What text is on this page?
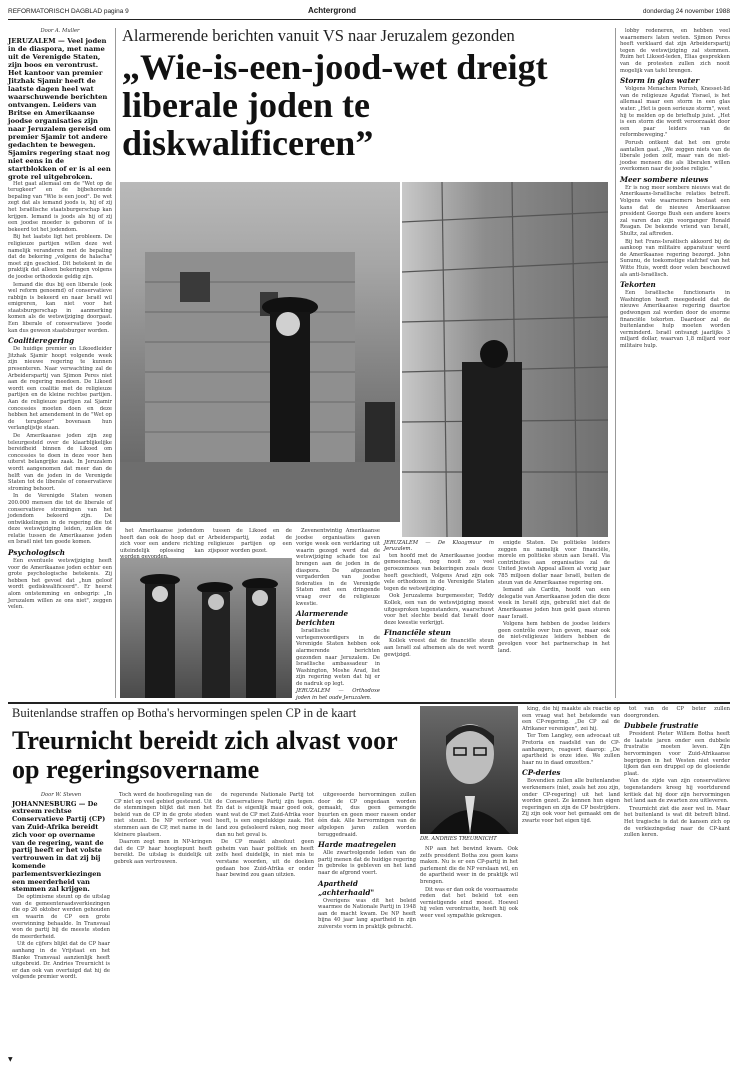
REFORMATORISCH DAGBLAD pagina 9	Achtergrond	donderdag 24 november 1988
Door A. Muller
JERUZALEM — Veel joden in de diaspora, met name uit de Verenigde Staten, zijn boos en verontrust. Het kantoor van premier Jitzhak Sjamir heeft de laatste dagen heel wat waarschuwende berichten ontvangen. Leiders van Britse en Amerikaanse joodse organisaties zijn naar Jeruzalem gereisd om premier Sjamir tot andere gedachten te bewegen. Sjamirs regering staat nog niet eens in de startblokken of er is al een grote rel uitgebroken.

Het gaat allemaal om de "Wet op de terugkeer" en de bijbehorende bepaling van "Wie is een jood". De wet zegt dat als iemand joods is, hij of zij het Israëlische staatsburgerschap kan krijgen. Iemand is joods als hij of zij een joodse moeder is geboren of is bekeerd tot het jodendom.

Bij het laatste ligt het probleem. De religieuze partijen willen deze wet namelijk veranderen met de bepaling dat de bekering „volgens de halacha" moet zijn geschied. Dit betekent in de praktijk dat alleen bekeringen volgens de joodse orthodoxie geldig zijn.

Iemand die dus bij een liberale (ook wel reform genoemd) of conservatieve rabbijn is bekeerd en naar Israël wil emigreren, kan niet voor het staatsburgerschap in aanmerking komen als de wetswijziging doorgaat. Een liberale of conservatieve 'joode kan dus geweon staatsburger worden.

Coalitieregering

De huidige premier en Likoedleider Jitzhak Sjamir hoopt volgende week zijn nieuwe regering te kunnen presenteren. Naar verwachting zal de Arbeiderspartij van Sjimon Peres niet aan de regering meedoen. De Likoed wordt een coalitie met de religieuze partijen en de kleine rechtse partijen. Aan de religieuze partijen zal Sjamir concessies moeten doen en deze hebben het amendement in de "Wet op de terugkeer" bovenaan hun verlanglijstje staan.

De Amerikaanse joden zijn zeg teleurgesteld over de klaarblijkelijke bereidheid binnen de Likoed om concessies te doen in deze voor hen uiterst belangrijke zaak. In Jeruzalem wordt aangenomen dat meer dan de helft van de joden in de Verenigde Staten tot de liberale of conservatieve stroming behoort.

In de Verenigde Staten wonen 200.000 mensen die tot de liberale of conservatieve stromingen van het jodendom bekeerd zijn. De ontwikkelingen in de regering die tot deze wetswijziging leiden, zullen de relatie tussen de Amerikaanse joden en Israël niet ten goede komen.

Psychologisch

Een eventuele wetswijziging heeft voor de Amerikaanse joden echter een grote psychologische betekenis. Zij hebben het gevoel dat „hun geloof wordt gediskwalificeerd". Er heerst alom ontstemming en onbegrip: „In Jeruzalem willen ze ons niet", zeggen velen.

Alarmerende berichten vanuit VS naar Jeruzalem gezonden
„Wie-is-een-jood-wet dreigt liberale joden te diskwalificeren”

lobby redeneren, en hebben veel waarnemers laten weten. Sjimon Peres heeft verklaard dat zijn Arbeiderspartij tegen de wetswijziging zal stemmen. Ruim het Likoed-leden, Elias gesprekken van de protesten zullen zich nooit mogelijk van tafel brengen.

Storm in glas water

Volgens Menachem Porush, Knesset-lid van de religieuze Agudat Yisrael, is het allemaal maar een storm in een glas water. „Het is geen serieuze storm", weet hij te melden op de briefhulp juist. „Het is een storm die wordt veroorzaakt door een paar leiders van de reformbeweging."

Porush ontkent dat het om grote aantallen gaat. „We zeggen niets van de liberale joden zelf, maar van de niet-joodse mensen die als liberalen willen overkomen naar de joodse religie."

Meer sombere nieuws

Er is nog meer sombere nieuws wat de Amerikaans-Israëlische relaties betreft. Volgens vele waarnemers bestaat een kans dat de nieuwe Amerikaanse president George Bush een andere koers zal varen dan zijn voorganger Ronald Reagan. De bekende vriend van Israël, Shultz, zal aftreden.

Bij het Frans-Israëlisch akkoord bij de aankoop van militaire apparatuur werd de Amerikaanse regering bezorgd. John Sununu, de toekomstige stafchef van het Witte Huis, wordt door velen beschouwd als anti-Israëlisch.

Tekorten

Een Israëlische functionaris in Washington heeft meegedeeld dat de nieuwe Amerikaanse regering daartoe gedwongen zal worden door de enorme financiële tekorten. Daardoor zal de buitenlandse hulp moeten worden verminderd. Israël ontvangt jaarlijks 3 miljard dollar, waarvan 1,8 miljard voor militaire hulp.

het Amerikaanse jodendom heeft dan ook de hoop dat er zich voor een andere richting uiteindelijk oplossing kan

tussen de Likoed en de Arbeiderspartij, zodat de religieuze partijen op een zijspoor worden gezet.

Zevenentwintig Amerikaanse joodse organisaties gaven vorige week een verklaring uit waarin gezegd werd dat de wetswijziging schade toe zal brengen aan de joden in de diaspora. De afgezanten vergaderden van joodse federaties in de Verenigde Staten met een dringende vraag over de religieuze kwestie.

Alarmerende berichten

Israëlische vertegenwoordigers in de Verenigde Staten hebben ook alarmerende berichten gezonden naar Jeruzalem. De Israëlische ambassadeur in Washington, Moshe Arad, liet zijn regering weten dat hij er de nadruk op legt.

JERUZALEM — Orthodoxe joden in het oude Jeruzalem.
JERUZALEM — De Klaagmuur in Jeruzalem.

ten hoofd met de Amerikaanse joodse gemeenschap, nog nooit zo veel geroezemoes van bekeringen zoals deze heeft geschiedt, Volgens Arad zijn ook vele orthodoxen in de Verenigde Staten tegen de wetswijziging.

Ook Jeruzalems burgemeester, Teddy Kollek, een van de wetswijziging meest uitgesproken tegenstanders, waarschuwt voor het slechte beeld dat Israël door deze kwestie verkrijgt.

Financiële steun

Kollek vreest dat de financiële steun aan Israël zal afnemen als de wet wordt gewijzigd.

enigde Staten. De politieke leiders zeggen nu namelijk voor financiële, morele en politieke steun aan Israël. Via contributies aan organisaties zal de United Jewish Appeal alleen al vorig jaar 785 miljoen dollar naar Israël, buiten de steun van de Amerikaanse regering om.

Iemand als Cardin, hoofd van een delegatie van Amerikaanse joden die deze week in Israël zijn, gebruikt niet dat de Amerikaanse joden hun geld gaan sturen naar Israël.

Volgens hem hebben de joodse leiders geen contrôle over hun geven, maar ook de niet-religieuze leiders hebben de gevolgen voor het partnerschap in het land.

Buitenlandse straffen op Botha's hervormingen spelen CP in de kaart
Treurnicht bereidt zich alvast voor op regeringsovername
Door W. Steven
JOHANNESBURG — De extreem rechtse Conservatieve Partij (CP) van Zuid-Afrika bereidt zich voor op overname van de regering, want de partij heeft er het volste vertrouwen in dat zij bij komende parlementsverkiezingen een meerderheid van stemmen zal krijgen.

De optimisme steunt op de uitslag van de gemeenteraadsverkiezingen die op 26 oktober werden gehouden en waarin de CP een grote overwinning behaalde. In Transvaal won de partij bij de meeste steden de meerderheid.

Uit de cijfers blijkt dat de CP haar aanhang in de Vrijstaat en het Blanke Transvaal aanzienlijk heeft uitgebreid. Dr. Andries Treurnicht is er dan ook van overtuigd dat hij de volgende premier wordt.

Toch werd de hoofsregeling van de CP niet op veel gebied gesteund. Uit de stemmingen blijkt dat men het beleid van de CP in de grote steden niet steunt. De NP verloor veel stemmen aan de CP, met name in de kleinere plaatsen.

Daarom zegt men in NP-kringen dat de CP haar hoogtepunt heeft bereikt. De uitslag is duidelijk uit gebrek aan vertrouwen.

de regerende Nationale Partij tot de Conservatieve Partij zijn tegen. En dat is eigenlijk maar goed ook, want wat de CP met Zuid-Afrika voor heeft, is een ongelukkige zaak. Het land zou geïsoleerd raken, nog meer dan nu het geval is.

De CP maakt absoluut geen geheim van haar politiek en heeft zelfs heel duidelijk, in niet mis te verstane woorden, uit de doeken gedaan hoe Zuid-Afrika er onder haar bewind zou gaan uitzien.

uitgevoerde hervormingen zullen door de CP ongedaan worden gemaakt, dus geen gemengde buurten en geen meer rassen onder één dak. Alle hervormingen van de afgelopen jaren zullen worden teruggedraaid.

Harde maatregelen

Alle zwartvolgende leden van de partij menen dat de huidige regering in gebreke is gebleven en het land naar de afgrond voert.

Apartheid „achterhaald"

Overigens was dit het beleid waarmee de Nationale Partij in 1948 aan de macht kwam. De NP heeft bijna 40 jaar lang apartheid in zijn zuiverste vorm in praktijk gebracht.

DR. ANDRIES TREURNICHT

NP aan het bewind kwam. Ook zelfs president Botha zou geen kans maken. Nu is er een CP-partij in het parlement die de NP verslaan wil, en de apartheid weer in de praktijk wil brengen.

Dit was er dan ook de voornaamste reden dat het beleid tot een vernietigende eind moest. Hoewel hij velen verontrustte, heeft hij ook weer veel sympathie gekregen.

king, die hij maakte als reactie op een vraag wat het betekende van een CP-regering. „De CP zal de Afrikaner verenigen", zei hij.

Ter Tom Langley, een advocaat uit Pretoria en raadslid van de CP-aanhangers, reageert daarop: „De apartheid is onze idee. We zullen haar nu in daad omzetten."

CP-deries

Bovendien zullen alle buitenlandse werknemers (niet, zoals het zou zijn, onder CP-regering) uit het land worden gezet. Ze kennen hun eigen regeringen en zijn de CP bestrijders. Zij zijn ook voor het gemaakt om de zwarte voor het eigen tijd.

tot van de CP beter zullen doorgronden.

Dubbele frustratie

President Pieter Willem Botha heeft de laatste jaren onder een dubbele frustratie moeten leven. Zijn hervormingen voor Zuid-Afrikaanse begrippen in het Westen niet verder lijken dan een druppel op de gloeiende plaat.

Van de zijde van zijn conservatieve tegenstanders kreeg hij voortdurend kritiek dat hij door zijn hervormingen het land aan de zwarten zou uitleveren.

Treurnicht ziet die zeer wel in. Maar het buitenland is wat dit betreft blind. Het tragische is dat de kansen zich op de verkiezingsdag naar de CP-kant zullen keren.

▼
